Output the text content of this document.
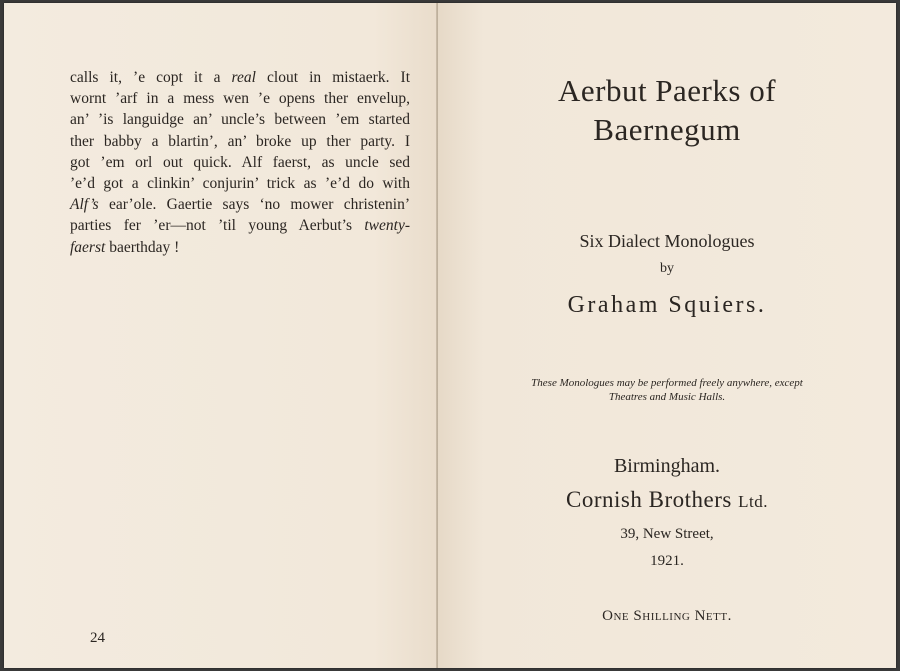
calls it, ’e copt it a real clout in mistaerk. It
wornt ’arf in a mess wen ’e opens ther envelup,
an’ ’is languidge an’ uncle’s between ’em started
ther babby a blartin’, an’ broke up ther party. I
got ’em orl out quick. Alf faerst, as uncle sed
’e’d got a clinkin’ conjurin’ trick as ’e’d do with
Alf’s ear’ole. Gaertie says ‘no mower christenin’
parties fer ’er—not ’til young Aerbut’s twenty-
faerst baerthday !
24
Aerbut Paerks of
Baernegum
Six Dialect Monologues
by
Graham Squiers.
These Monologues may be performed freely anywhere, except
Theatres and Music Halls.
Birmingham.
Cornish Brothers Ltd.
39, New Street,
1921.
One Shilling Nett.
